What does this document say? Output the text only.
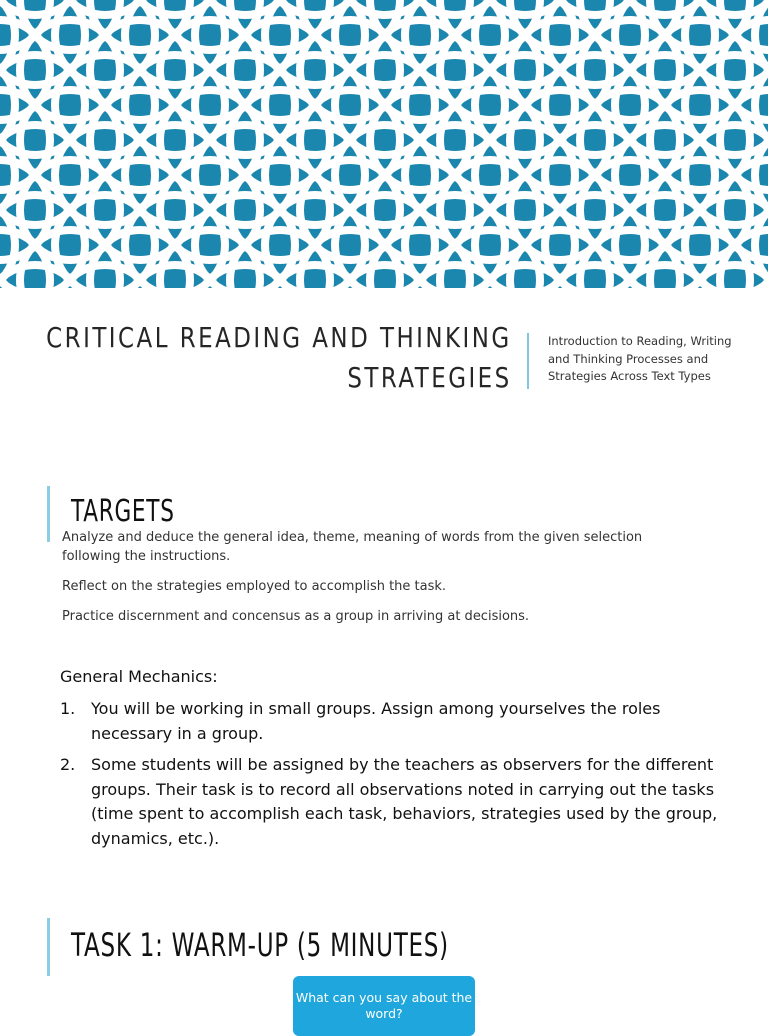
CRITICAL READING AND THINKING
STRATEGIES
Introduction to Reading, Writing and Thinking Processes and Strategies Across Text Types
TARGETS

Analyze and deduce the general idea, theme, meaning of words from the given selection following the instructions.

Reflect on the strategies employed to accomplish the task.

Practice discernment and concensus as a group in arriving at decisions.

General Mechanics:
1. You will be working in small groups. Assign among yourselves the roles necessary in a group.
2. Some students will be assigned by the teachers as observers for the different groups. Their task is to record all observations noted in carrying out the tasks (time spent to accomplish each task, behaviors, strategies used by the group, dynamics, etc.).
TASK 1: WARM-UP (5 MINUTES)
What can you say about the word?
